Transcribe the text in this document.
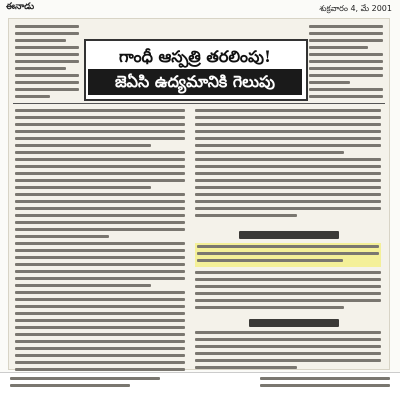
ఈనాడు	శుక్రవారం 4, మే 2001
గాంధీ ఆస్పత్రి తరలింపు!
జెఏసి ఉద్యమానికి గెలుపు
